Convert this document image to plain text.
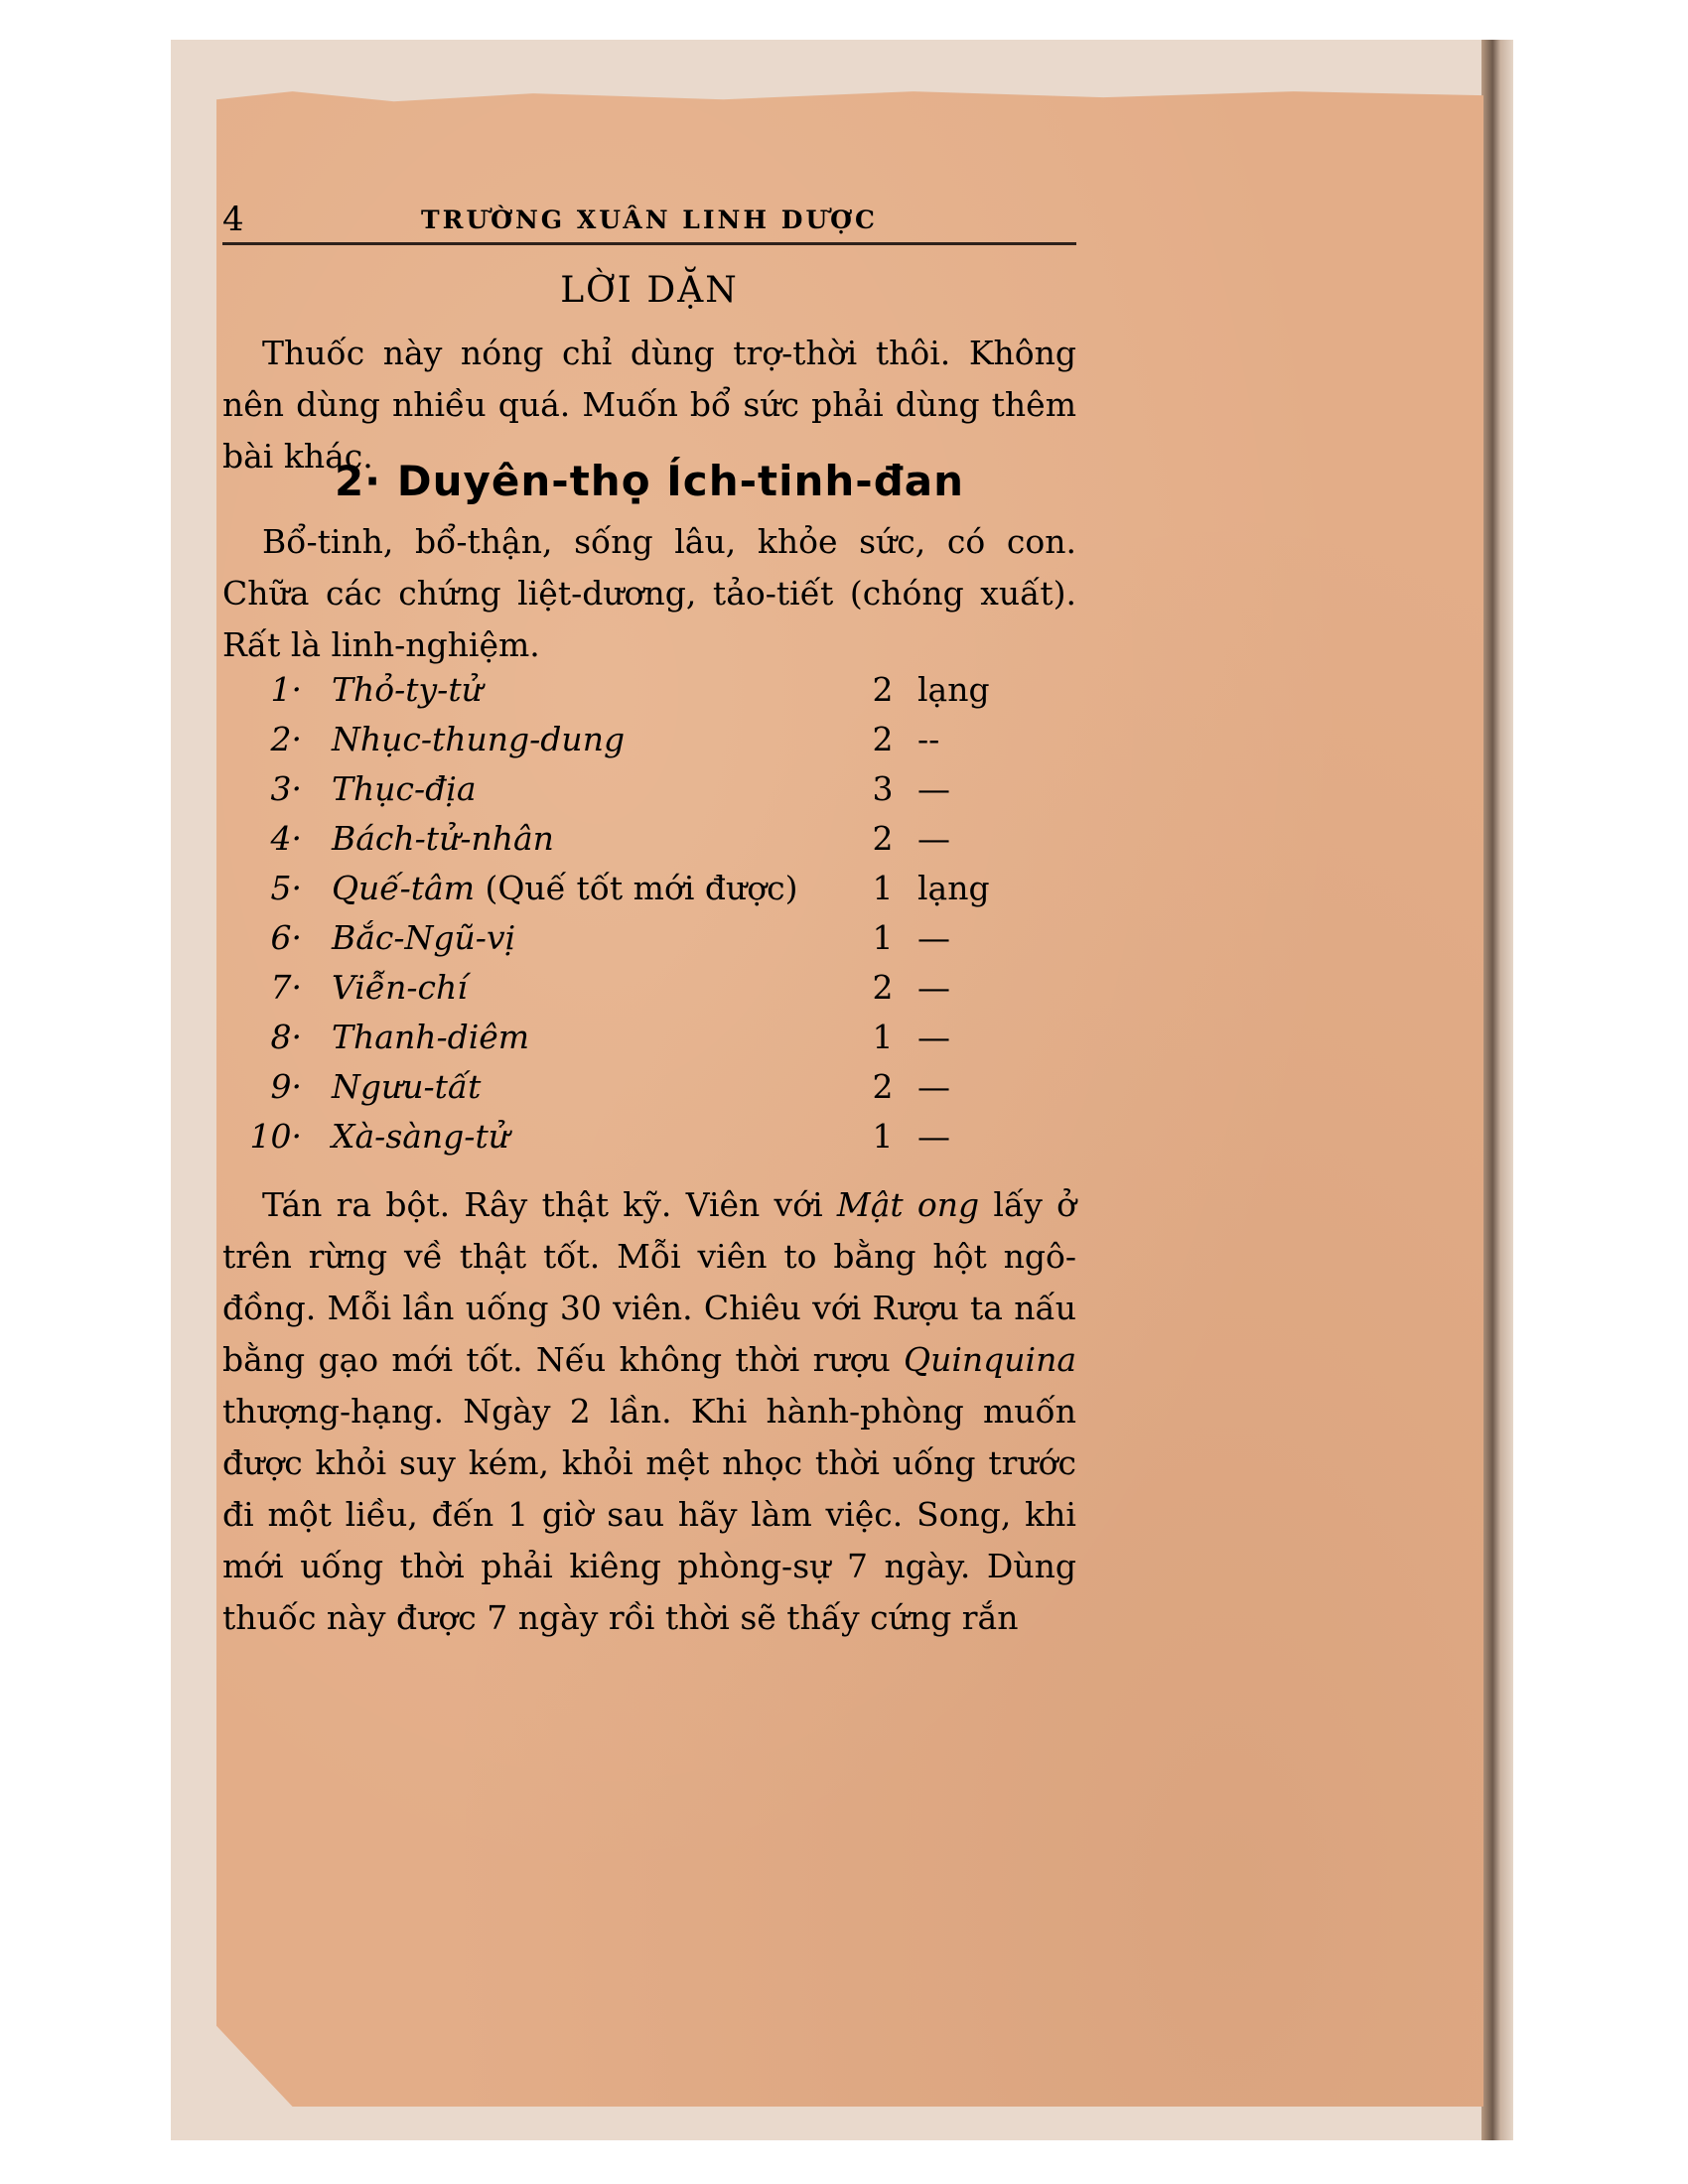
4	TRƯỜNG XUÂN LINH DƯỢC
LỜI DẶN

Thuốc này nóng chỉ dùng trợ-thời thôi. Không nên dùng nhiều quá. Muốn bổ sức phải dùng thêm bài khác.

2· Duyên-thọ Ích-tinh-đan

Bổ-tinh, bổ-thận, sống lâu, khỏe sức, có con. Chữa các chứng liệt-dương, tảo-tiết (chóng xuất). Rất là linh-nghiệm.

1· Thỏ-ty-tử	2 lạng
2· Nhục-thung-dung	2 --
3· Thục-địa	3 —
4· Bách-tử-nhân	2 —
5· Quế-tâm (Quế tốt mới được)	1 lạng
6· Bắc-Ngũ-vị	1 —
7· Viễn-chí	2 —
8· Thanh-diêm	1 —
9· Ngưu-tất	2 —
10· Xà-sàng-tử	1 —

Tán ra bột. Rây thật kỹ. Viên với Mật ong lấy ở trên rừng về thật tốt. Mỗi viên to bằng hột ngô-đồng. Mỗi lần uống 30 viên. Chiêu với Rượu ta nấu bằng gạo mới tốt. Nếu không thời rượu Quinquina thượng-hạng. Ngày 2 lần. Khi hành-phòng muốn được khỏi suy kém, khỏi mệt nhọc thời uống trước đi một liều, đến 1 giờ sau hãy làm việc. Song, khi mới uống thời phải kiêng phòng-sự 7 ngày. Dùng thuốc này được 7 ngày rồi thời sẽ thấy cứng rắn
